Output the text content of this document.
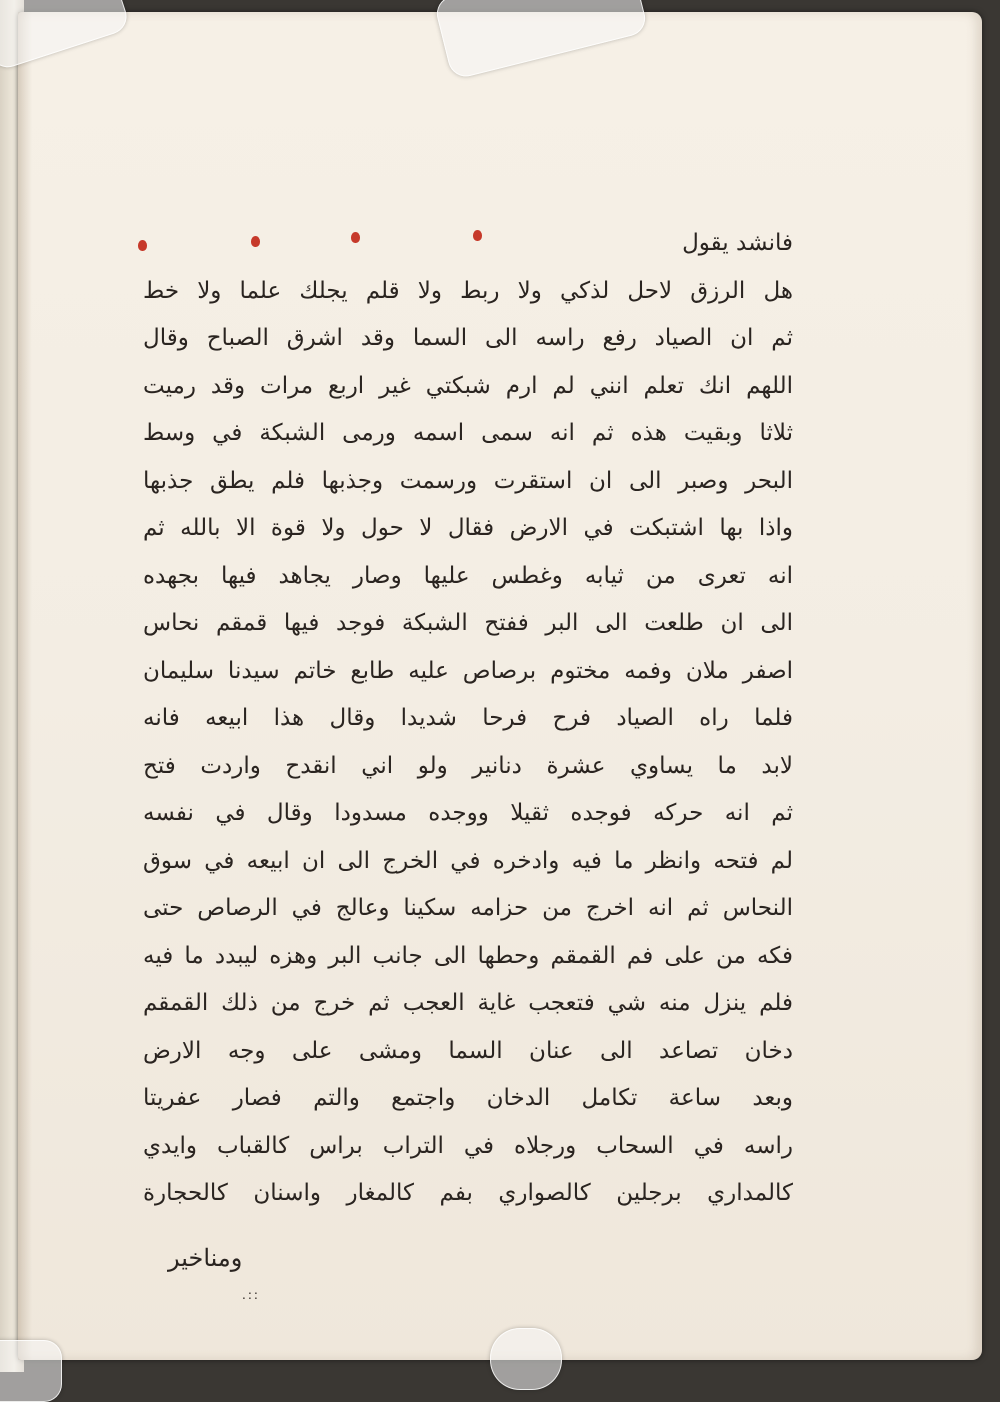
فانشد يقول
هل الرزق لاحل لذكي ولا ربط ولا قلم يجلك علما ولا خط
ثم ان الصياد رفع راسه الى السما وقد اشرق الصباح وقال
اللهم انك تعلم انني لم ارم شبكتي غير اربع مرات وقد رميت
ثلاثا وبقيت هذه ثم انه سمى اسمه ورمى الشبكة في وسط
البحر وصبر الى ان استقرت ورسمت وجذبها فلم يطق جذبها
واذا بها اشتبكت في الارض فقال لا حول ولا قوة الا بالله ثم
انه تعرى من ثيابه وغطس عليها وصار يجاهد فيها بجهده
الى ان طلعت الى البر ففتح الشبكة فوجد فيها قمقم نحاس
اصفر ملان وفمه مختوم برصاص عليه طابع خاتم سيدنا سليمان
فلما راه الصياد فرح فرحا شديدا وقال هذا ابيعه فانه
لابد ما يساوي عشرة دنانير ولو اني انقدح واردت فتح
ثم انه حركه فوجده ثقيلا ووجده مسدودا وقال في نفسه
لم فتحه وانظر ما فيه وادخره في الخرج الى ان ابيعه في سوق
النحاس ثم انه اخرج من حزامه سكينا وعالج في الرصاص حتى
فكه من على فم القمقم وحطها الى جانب البر وهزه ليبدد ما فيه
فلم ينزل منه شي فتعجب غاية العجب ثم خرج من ذلك القمقم
دخان تصاعد الى عنان السما ومشى على وجه الارض
وبعد ساعة تكامل الدخان واجتمع والتم فصار عفريتا
راسه في السحاب ورجلاه في التراب براس كالقباب وايدي
كالمداري برجلين كالصواري بفم كالمغار واسنان كالحجارة
ومناخير
.::
